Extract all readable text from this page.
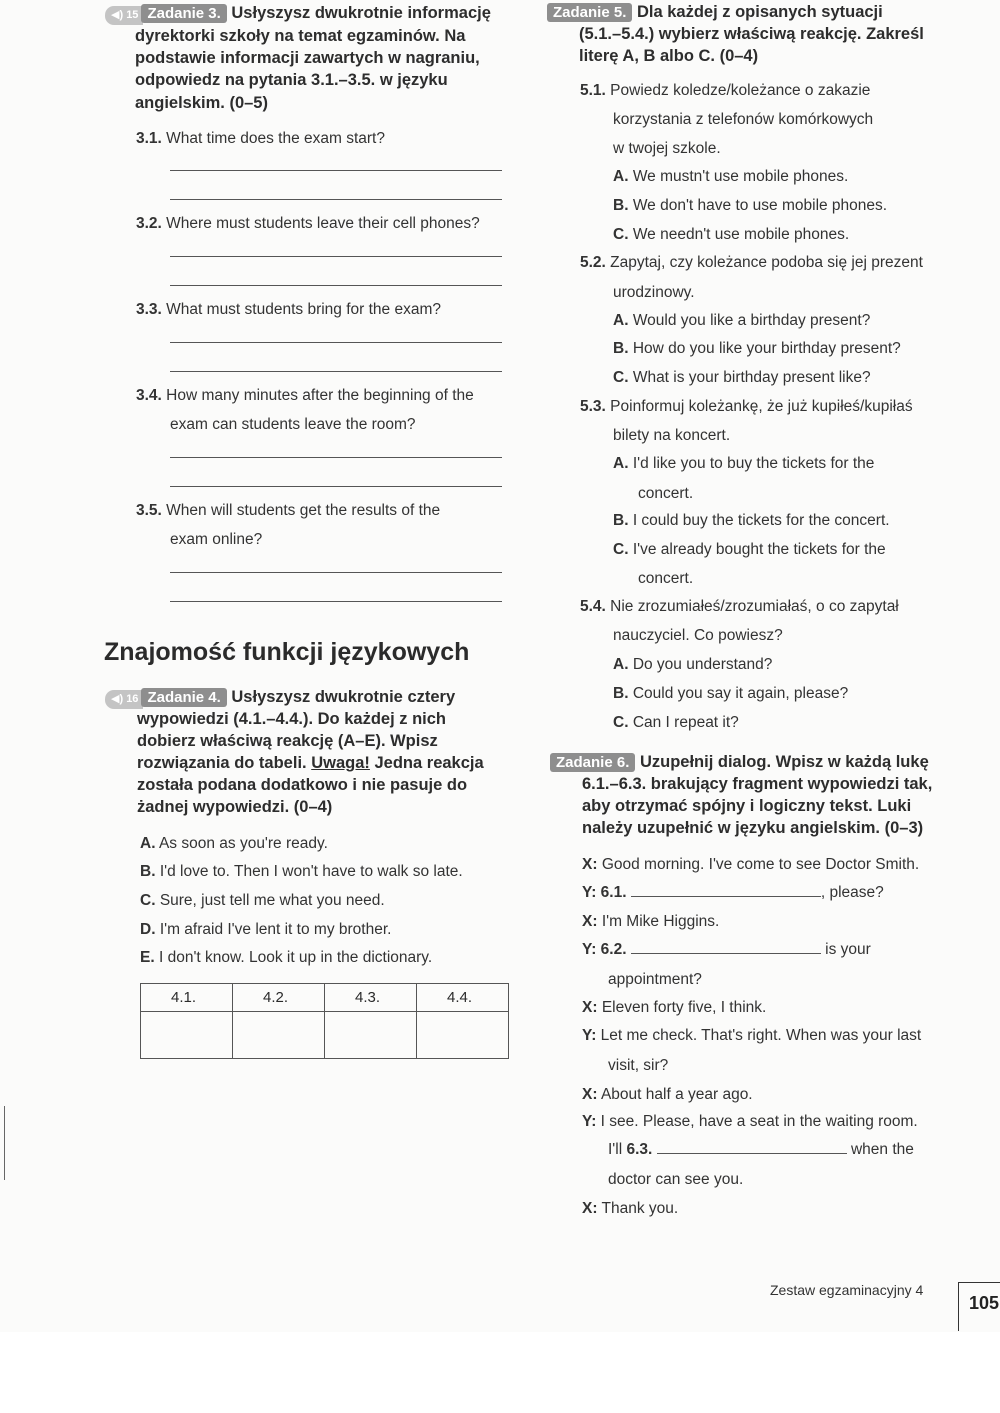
◀) 15 Zadanie 3. Usłyszysz dwukrotnie informację
dyrektorki szkoły na temat egzaminów. Na
podstawie informacji zawartych w nagraniu,
odpowiedz na pytania 3.1.–3.5. w języku
angielskim. (0–5)
3.1. What time does the exam start?
3.2. Where must students leave their cell phones?
3.3. What must students bring for the exam?
3.4. How many minutes after the beginning of the
exam can students leave the room?
3.5. When will students get the results of the
exam online?
Znajomość funkcji językowych
◀) 16 Zadanie 4. Usłyszysz dwukrotnie cztery
wypowiedzi (4.1.–4.4.). Do każdej z nich
dobierz właściwą reakcję (A–E). Wpisz
rozwiązania do tabeli. Uwaga! Jedna reakcja
została podana dodatkowo i nie pasuje do
żadnej wypowiedzi. (0–4)
A. As soon as you're ready.
B. I'd love to. Then I won't have to walk so late.
C. Sure, just tell me what you need.
D. I'm afraid I've lent it to my brother.
E. I don't know. Look it up in the dictionary.
4.1.	4.2.	4.3.	4.4.

Zadanie 5. Dla każdej z opisanych sytuacji
(5.1.–5.4.) wybierz właściwą reakcję. Zakreśl
literę A, B albo C. (0–4)
5.1. Powiedz koledze/koleżance o zakazie
korzystania z telefonów komórkowych
w twojej szkole.
A. We mustn't use mobile phones.
B. We don't have to use mobile phones.
C. We needn't use mobile phones.
5.2. Zapytaj, czy koleżance podoba się jej prezent
urodzinowy.
A. Would you like a birthday present?
B. How do you like your birthday present?
C. What is your birthday present like?
5.3. Poinformuj koleżankę, że już kupiłeś/kupiłaś
bilety na koncert.
A. I'd like you to buy the tickets for the
concert.
B. I could buy the tickets for the concert.
C. I've already bought the tickets for the
concert.
5.4. Nie zrozumiałeś/zrozumiałaś, o co zapytał
nauczyciel. Co powiesz?
A. Do you understand?
B. Could you say it again, please?
C. Can I repeat it?
Zadanie 6. Uzupełnij dialog. Wpisz w każdą lukę
6.1.–6.3. brakujący fragment wypowiedzi tak,
aby otrzymać spójny i logiczny tekst. Luki
należy uzupełnić w języku angielskim. (0–3)
X: Good morning. I've come to see Doctor Smith.
Y: 6.1.	, please?
X: I'm Mike Higgins.
Y: 6.2.	is your
appointment?
X: Eleven forty five, I think.
Y: Let me check. That's right. When was your last
visit, sir?
X: About half a year ago.
Y: I see. Please, have a seat in the waiting room.
I'll 6.3.	when the
doctor can see you.
X: Thank you.
Zestaw egzaminacyjny 4
105
